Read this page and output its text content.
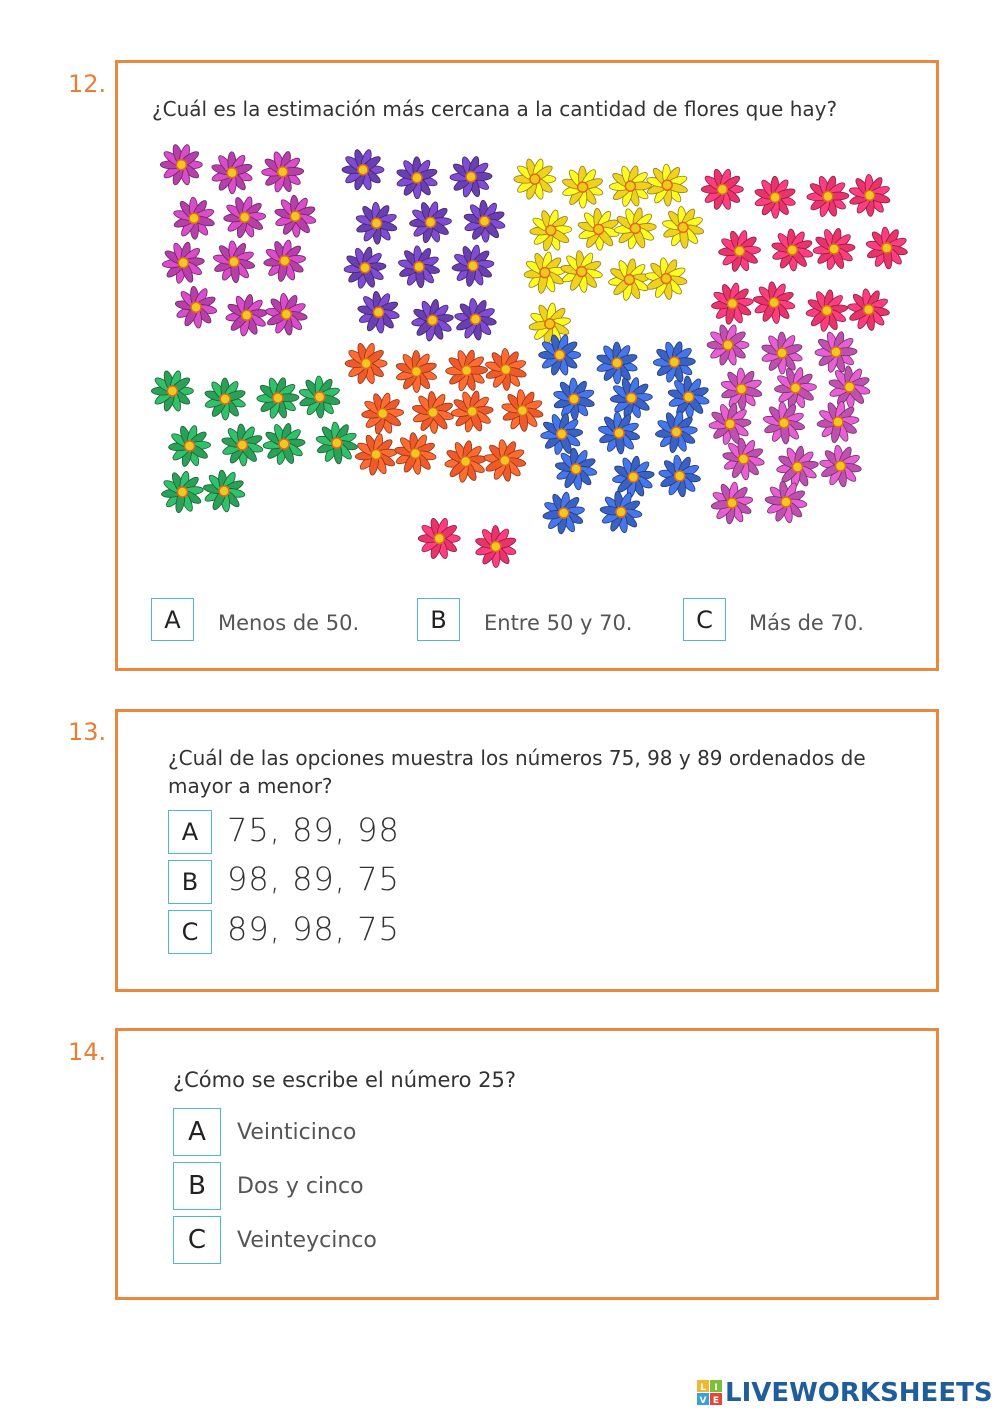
12.
¿Cuál es la estimación más cercana a la cantidad de flores que hay?
A	Menos de 50.	B	Entre 50 y 70.	C	Más de 70.
13.
¿Cuál de las opciones muestra los números 75, 98 y 89 ordenados de
mayor a menor?
A 75, 89, 98
B 98, 89, 75
C 89, 98, 75
14.
¿Cómo se escribe el número 25?
A	Veinticinco
B	Dos y cinco
C	Veinteycinco
L I
V E LIVEWORKSHEETS
